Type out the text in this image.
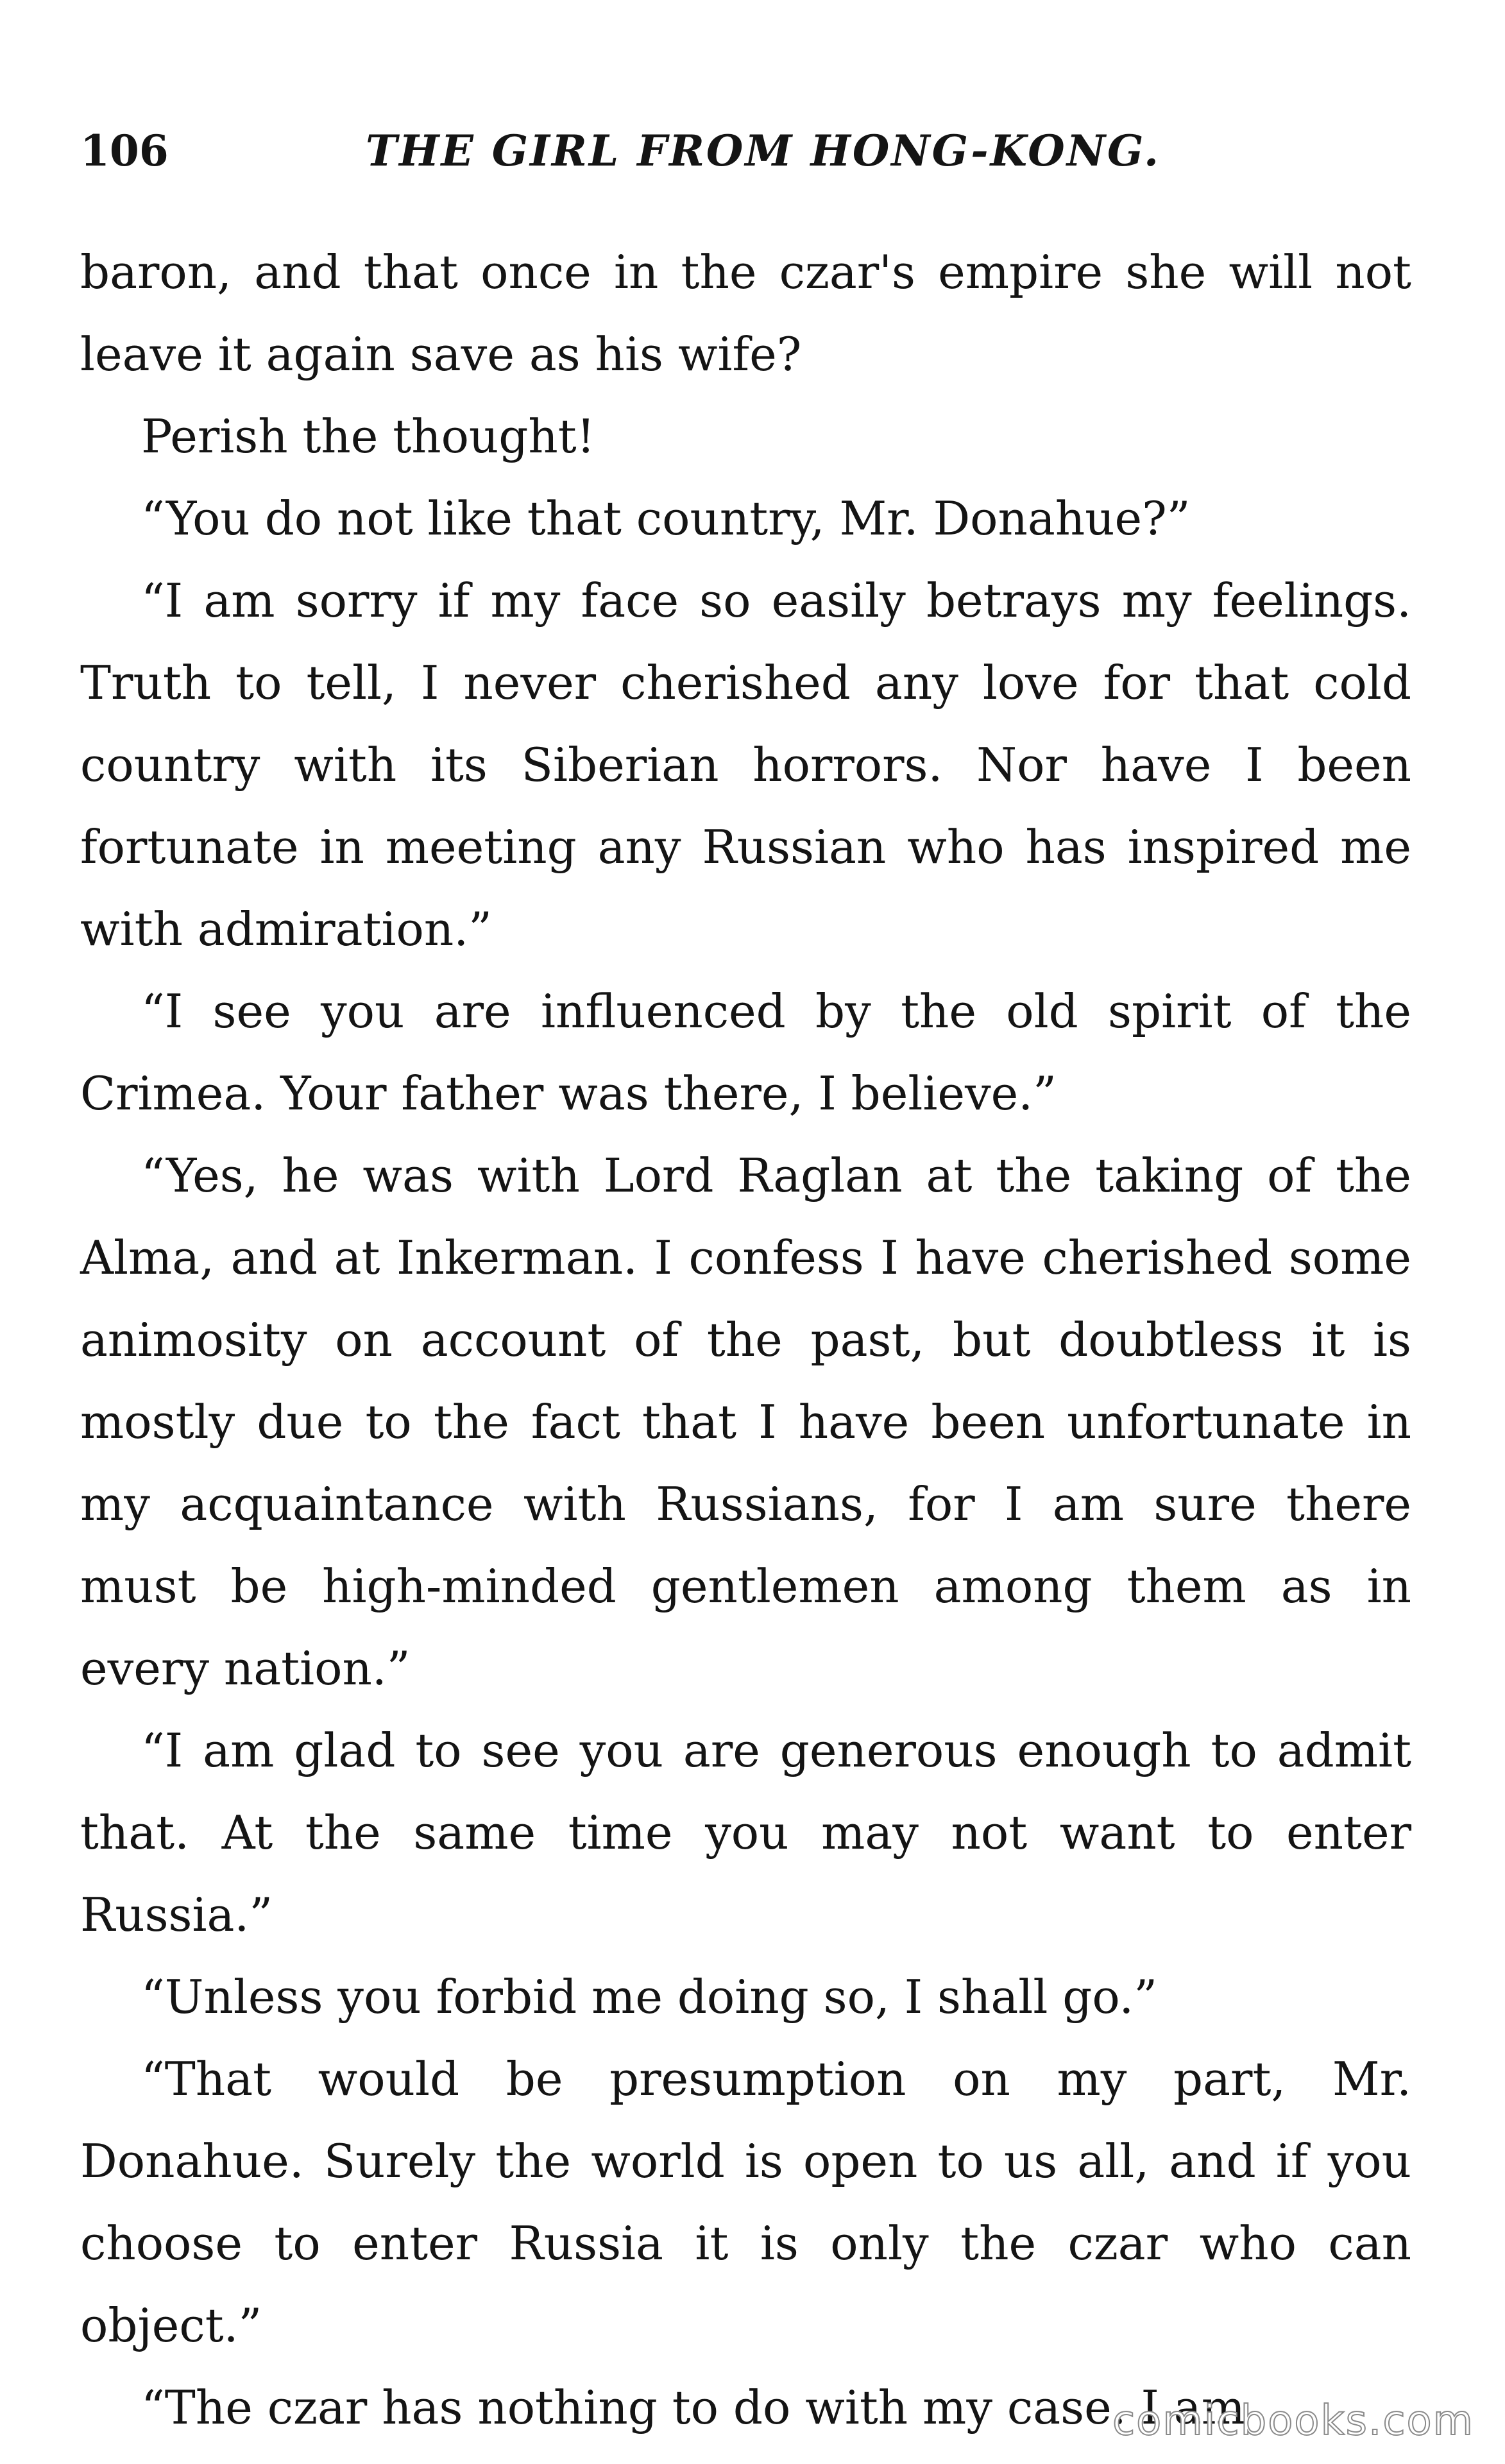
106	THE GIRL FROM HONG-KONG.

baron, and that once in the czar's empire she will not leave it again save as his wife?

Perish the thought!

“You do not like that country, Mr. Donahue?”

“I am sorry if my face so easily betrays my feelings. Truth to tell, I never cherished any love for that cold country with its Siberian horrors. Nor have I been fortunate in meeting any Russian who has inspired me with admiration.”

“I see you are influenced by the old spirit of the Crimea. Your father was there, I believe.”

“Yes, he was with Lord Raglan at the taking of the Alma, and at Inkerman. I confess I have cherished some animosity on account of the past, but doubtless it is mostly due to the fact that I have been unfortunate in my acquaintance with Russians, for I am sure there must be high-minded gentlemen among them as in every nation.”

“I am glad to see you are generous enough to admit that. At the same time you may not want to enter Russia.”

“Unless you forbid me doing so, I shall go.”

“That would be presumption on my part, Mr. Donahue. Surely the world is open to us all, and if you choose to enter Russia it is only the czar who can object.”

“The czar has nothing to do with my case. I am

comicbooks.com
